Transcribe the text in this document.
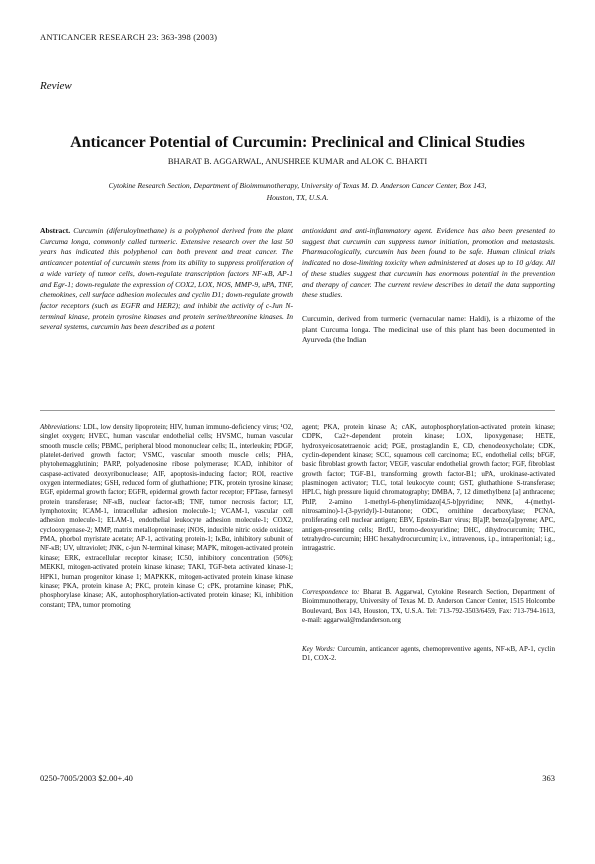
ANTICANCER RESEARCH 23: 363-398 (2003)
Review
Anticancer Potential of Curcumin: Preclinical and Clinical Studies
BHARAT B. AGGARWAL, ANUSHREE KUMAR and ALOK C. BHARTI
Cytokine Research Section, Department of Bioimmunotherapy, University of Texas M. D. Anderson Cancer Center, Box 143, Houston, TX, U.S.A.
Abstract. Curcumin (diferuloylmethane) is a polyphenol derived from the plant Curcuma longa, commonly called turmeric. Extensive research over the last 50 years has indicated this polyphenol can both prevent and treat cancer. The anticancer potential of curcumin stems from its ability to suppress proliferation of a wide variety of tumor cells, down-regulate transcription factors NF-κB, AP-1 and Egr-1; down-regulate the expression of COX2, LOX, NOS, MMP-9, uPA, TNF, chemokines, cell surface adhesion molecules and cyclin D1; down-regulate growth factor receptors (such as EGFR and HER2); and inhibit the activity of c-Jun N-terminal kinase, protein tyrosine kinases and protein serine/threonine kinases. In several systems, curcumin has been described as a potent
antioxidant and anti-inflammatory agent. Evidence has also been presented to suggest that curcumin can suppress tumor initiation, promotion and metastasis. Pharmacologically, curcumin has been found to be safe. Human clinical trials indicated no dose-limiting toxicity when administered at doses up to 10 g/day. All of these studies suggest that curcumin has enormous potential in the prevention and therapy of cancer. The current review describes in detail the data supporting these studies.
Curcumin, derived from turmeric (vernacular name: Haldi), is a rhizome of the plant Curcuma longa. The medicinal use of this plant has been documented in Ayurveda (the Indian
Abbreviations: LDL, low density lipoprotein; HIV, human immuno-deficiency virus; ¹O2, singlet oxygen; HVEC, human vascular endothelial cells; HVSMC, human vascular smooth muscle cells; PBMC, peripheral blood mononuclear cells; IL, interleukin; PDGF, platelet-derived growth factor; VSMC, vascular smooth muscle cells; PHA, phytohemagglutinin; PARP, polyadenosine ribose polymerase; ICAD, inhibitor of caspase-activated deoxyribonuclease; AIF, apoptosis-inducing factor; ROI, reactive oxygen intermediates; GSH, reduced form of gluthathione; PTK, protein tyrosine kinase; EGF, epidermal growth factor; EGFR, epidermal growth factor receptor; FPTase, farnesyl protein transferase; NF-κB, nuclear factor-κB; TNF, tumor necrosis factor; LT, lymphotoxin; ICAM-1, intracellular adhesion molecule-1; VCAM-1, vascular cell adhesion molecule-1; ELAM-1, endothelial leukocyte adhesion molecule-1; COX2, cyclooxygenase-2; MMP, matrix metalloproteinase; iNOS, inducible nitric oxide oxidase; PMA, phorbol myristate acetate; AP-1, activating protein-1; IκBα, inhibitory subunit of NF-κB; UV, ultraviolet; JNK, c-jun N-terminal kinase; MAPK, mitogen-activated protein kinase; ERK, extracellular receptor kinase; IC50, inhibitory concentration (50%); MEKKI, mitogen-activated protein kinase kinase; TAKI, TGF-beta activated kinase-1; HPK1, human progenitor kinase 1; MAPKKK, mitogen-activated protein kinase kinase kinase; PKA, protein kinase A; PKC, protein kinase C; cPK, protamine kinase; PhK, phosphorylase kinase; AK, autophosphorylation-activated protein kinase; Ki, inhibition constant; TPA, tumor promoting
agent; PKA, protein kinase A; cAK, autophosphorylation-activated protein kinase; CDPK, Ca2+-dependent protein kinase; LOX, lipoxygenase; HETE, hydroxyeicosatetraenoic acid; PGE, prostaglandin E, CD, chenodeoxycholate; CDK, cyclin-dependent kinase; SCC, squamous cell carcinoma; EC, endothelial cells; bFGF, basic fibroblast growth factor; VEGF, vascular endothelial growth factor; FGF, fibroblast growth factor; TGF-B1, transforming growth factor-B1; uPA, urokinase-activated plasminogen activator; TLC, total leukocyte count; GST, gluthathione S-transferase; HPLC, high pressure liquid chromatography; DMBA, 7, 12 dimethylbenz [a] anthracene; PhIP, 2-amino 1-methyl-6-phenylimidazo[4,5-b]pyridine; NNK, 4-(methyl-nitrosamino)-1-(3-pyridyl)-1-butanone; ODC, ornithine decarboxylase; PCNA, proliferating cell nuclear antigen; EBV, Epstein-Barr virus; B[a]P, benzo[a]pyrene; APC, antigen-presenting cells; BrdU, bromo-deoxyuridine; DHC, dihydrocurcumin; THC, tetrahydro-curcumin; HHC hexahydrocurcumin; i.v., intravenous, i.p., intraperitonial; i.g., intragastric.
Correspondence to: Bharat B. Aggarwal, Cytokine Research Section, Department of Bioimmunotherapy, University of Texas M. D. Anderson Cancer Center, 1515 Holcombe Boulevard, Box 143, Houston, TX, U.S.A. Tel: 713-792-3503/6459, Fax: 713-794-1613, e-mail: aggarwal@mdanderson.org
Key Words: Curcumin, anticancer agents, chemopreventive agents, NF-κB, AP-1, cyclin D1, COX-2.
0250-7005/2003 $2.00+.40	363
